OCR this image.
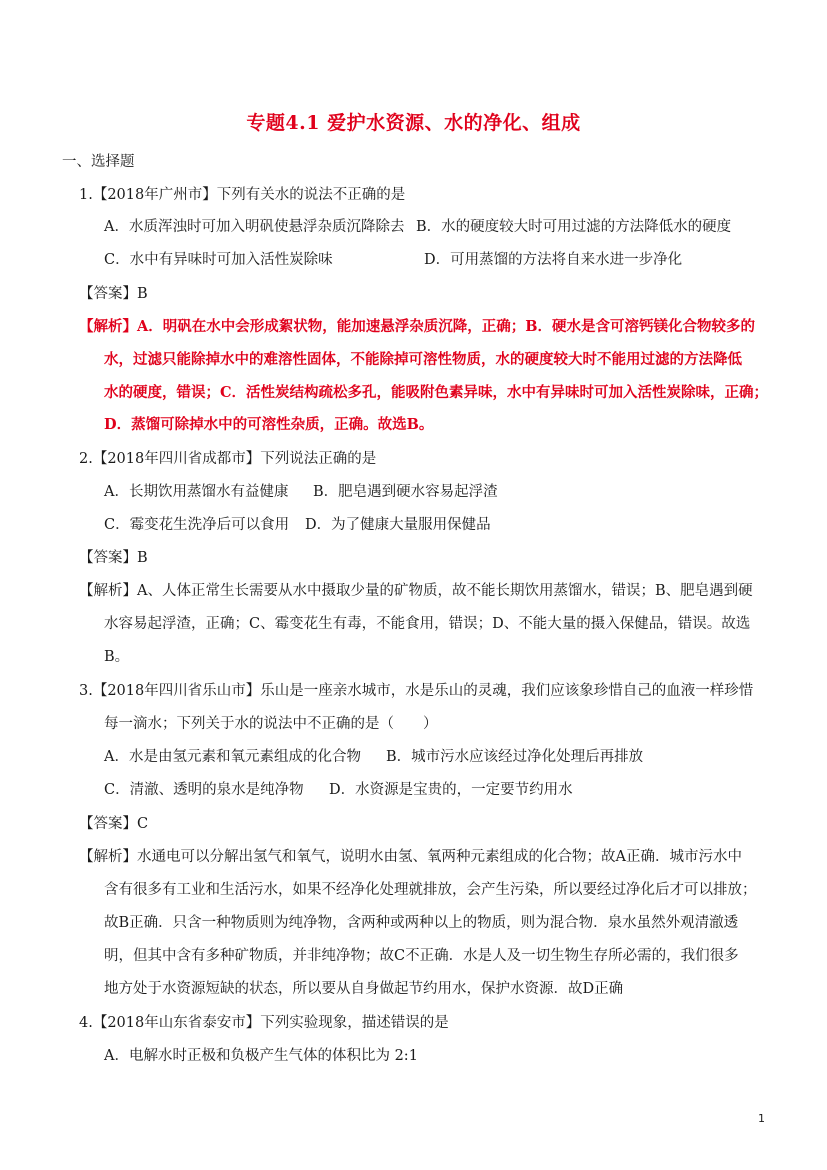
专题4.1 爱护水资源、水的净化、组成
一、选择题
1.【2018年广州市】下列有关水的说法不正确的是
A．水质浑浊时可加入明矾使悬浮杂质沉降除去 B．水的硬度较大时可用过滤的方法降低水的硬度
C．水中有异味时可加入活性炭除味	D．可用蒸馏的方法将自来水进一步净化
【答案】B
【解析】A．明矾在水中会形成絮状物，能加速悬浮杂质沉降，正确；B．硬水是含可溶钙镁化合物较多的
水，过滤只能除掉水中的难溶性固体，不能除掉可溶性物质，水的硬度较大时不能用过滤的方法降低
水的硬度，错误；C．活性炭结构疏松多孔，能吸附色素异味，水中有异味时可加入活性炭除味，正确；
D．蒸馏可除掉水中的可溶性杂质，正确。故选B。
2.【2018年四川省成都市】下列说法正确的是
A．长期饮用蒸馏水有益健康 B．肥皂遇到硬水容易起浮渣
C．霉变花生洗净后可以食用 D．为了健康大量服用保健品
【答案】B
【解析】A、人体正常生长需要从水中摄取少量的矿物质，故不能长期饮用蒸馏水，错误；B、肥皂遇到硬
水容易起浮渣，正确；C、霉变花生有毒，不能食用，错误；D、不能大量的摄入保健品，错误。故选
B。
3.【2018年四川省乐山市】乐山是一座亲水城市，水是乐山的灵魂，我们应该象珍惜自己的血液一样珍惜
每一滴水；下列关于水的说法中不正确的是（　　）
A．水是由氢元素和氧元素组成的化合物 B．城市污水应该经过净化处理后再排放
C．清澈、透明的泉水是纯净物 D．水资源是宝贵的，一定要节约用水
【答案】C
【解析】水通电可以分解出氢气和氧气，说明水由氢、氧两种元素组成的化合物；故A正确．城市污水中
含有很多有工业和生活污水，如果不经净化处理就排放，会产生污染，所以要经过净化后才可以排放；
故B正确．只含一种物质则为纯净物，含两种或两种以上的物质，则为混合物．泉水虽然外观清澈透
明，但其中含有多种矿物质，并非纯净物；故C不正确．水是人及一切生物生存所必需的，我们很多
地方处于水资源短缺的状态，所以要从自身做起节约用水，保护水资源．故D正确
4.【2018年山东省泰安市】下列实验现象，描述错误的是
A．电解水时正极和负极产生气体的体积比为 2:1
1
